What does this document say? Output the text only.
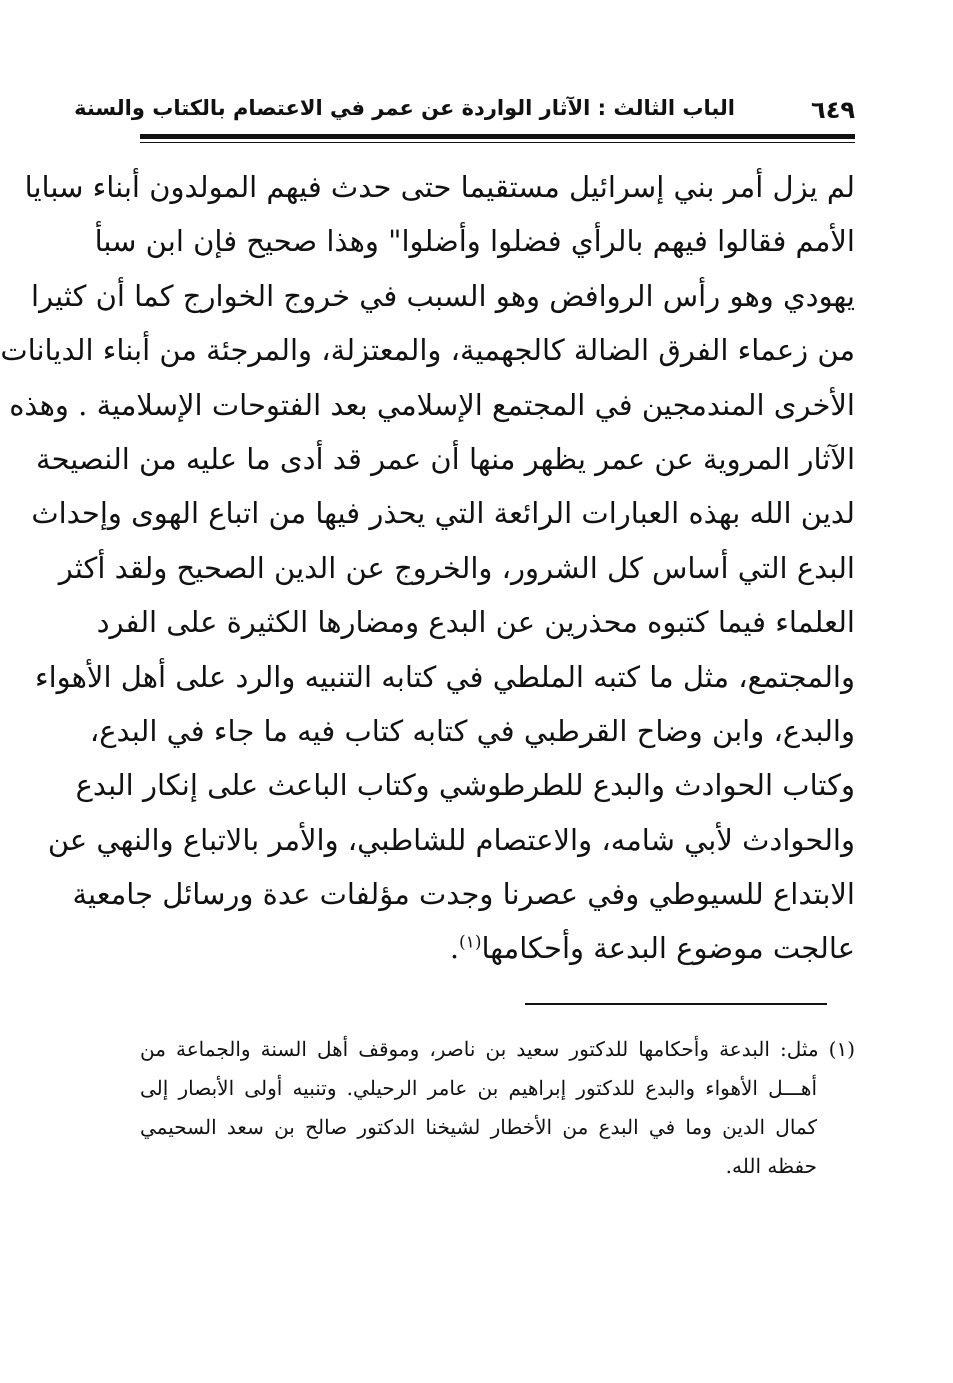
٦٤٩
الباب الثالث : الآثار الواردة عن عمر في الاعتصام بالكتاب والسنة
لم يزل أمر بني إسرائيل مستقيما حتى حدث فيهم المولدون أبناء سبايا
الأمم فقالوا فيهم بالرأي فضلوا وأضلوا" وهذا صحيح فإن ابن سبأ
يهودي وهو رأس الروافض وهو السبب في خروج الخوارج كما أن كثيرا
من زعماء الفرق الضالة كالجهمية، والمعتزلة، والمرجئة من أبناء الديانات
الأخرى المندمجين في المجتمع الإسلامي بعد الفتوحات الإسلامية . وهذه
الآثار المروية عن عمر يظهر منها أن عمر قد أدى ما عليه من النصيحة
لدين الله بهذه العبارات الرائعة التي يحذر فيها من اتباع الهوى وإحداث
البدع التي أساس كل الشرور، والخروج عن الدين الصحيح ولقد أكثر
العلماء فيما كتبوه محذرين عن البدع ومضارها الكثيرة على الفرد
والمجتمع، مثل ما كتبه الملطي في كتابه التنبيه والرد على أهل الأهواء
والبدع، وابن وضاح القرطبي في كتابه كتاب فيه ما جاء في البدع،
وكتاب الحوادث والبدع للطرطوشي وكتاب الباعث على إنكار البدع
والحوادث لأبي شامه، والاعتصام للشاطبي، والأمر بالاتباع والنهي عن
الابتداع للسيوطي وفي عصرنا وجدت مؤلفات عدة ورسائل جامعية
عالجت موضوع البدعة وأحكامها$^{(١)}$.
(١)مثل: البدعة وأحكامها للدكتور سعيد بن ناصر، وموقف أهل السنة والجماعة من
أهـــل الأهواء والبدع للدكتور إبراهيم بن عامر الرحيلي. وتنبيه أولى الأبصار إلى
كمال الدين وما في البدع من الأخطار لشيخنا الدكتور صالح بن سعد السحيمي
حفظه الله.
